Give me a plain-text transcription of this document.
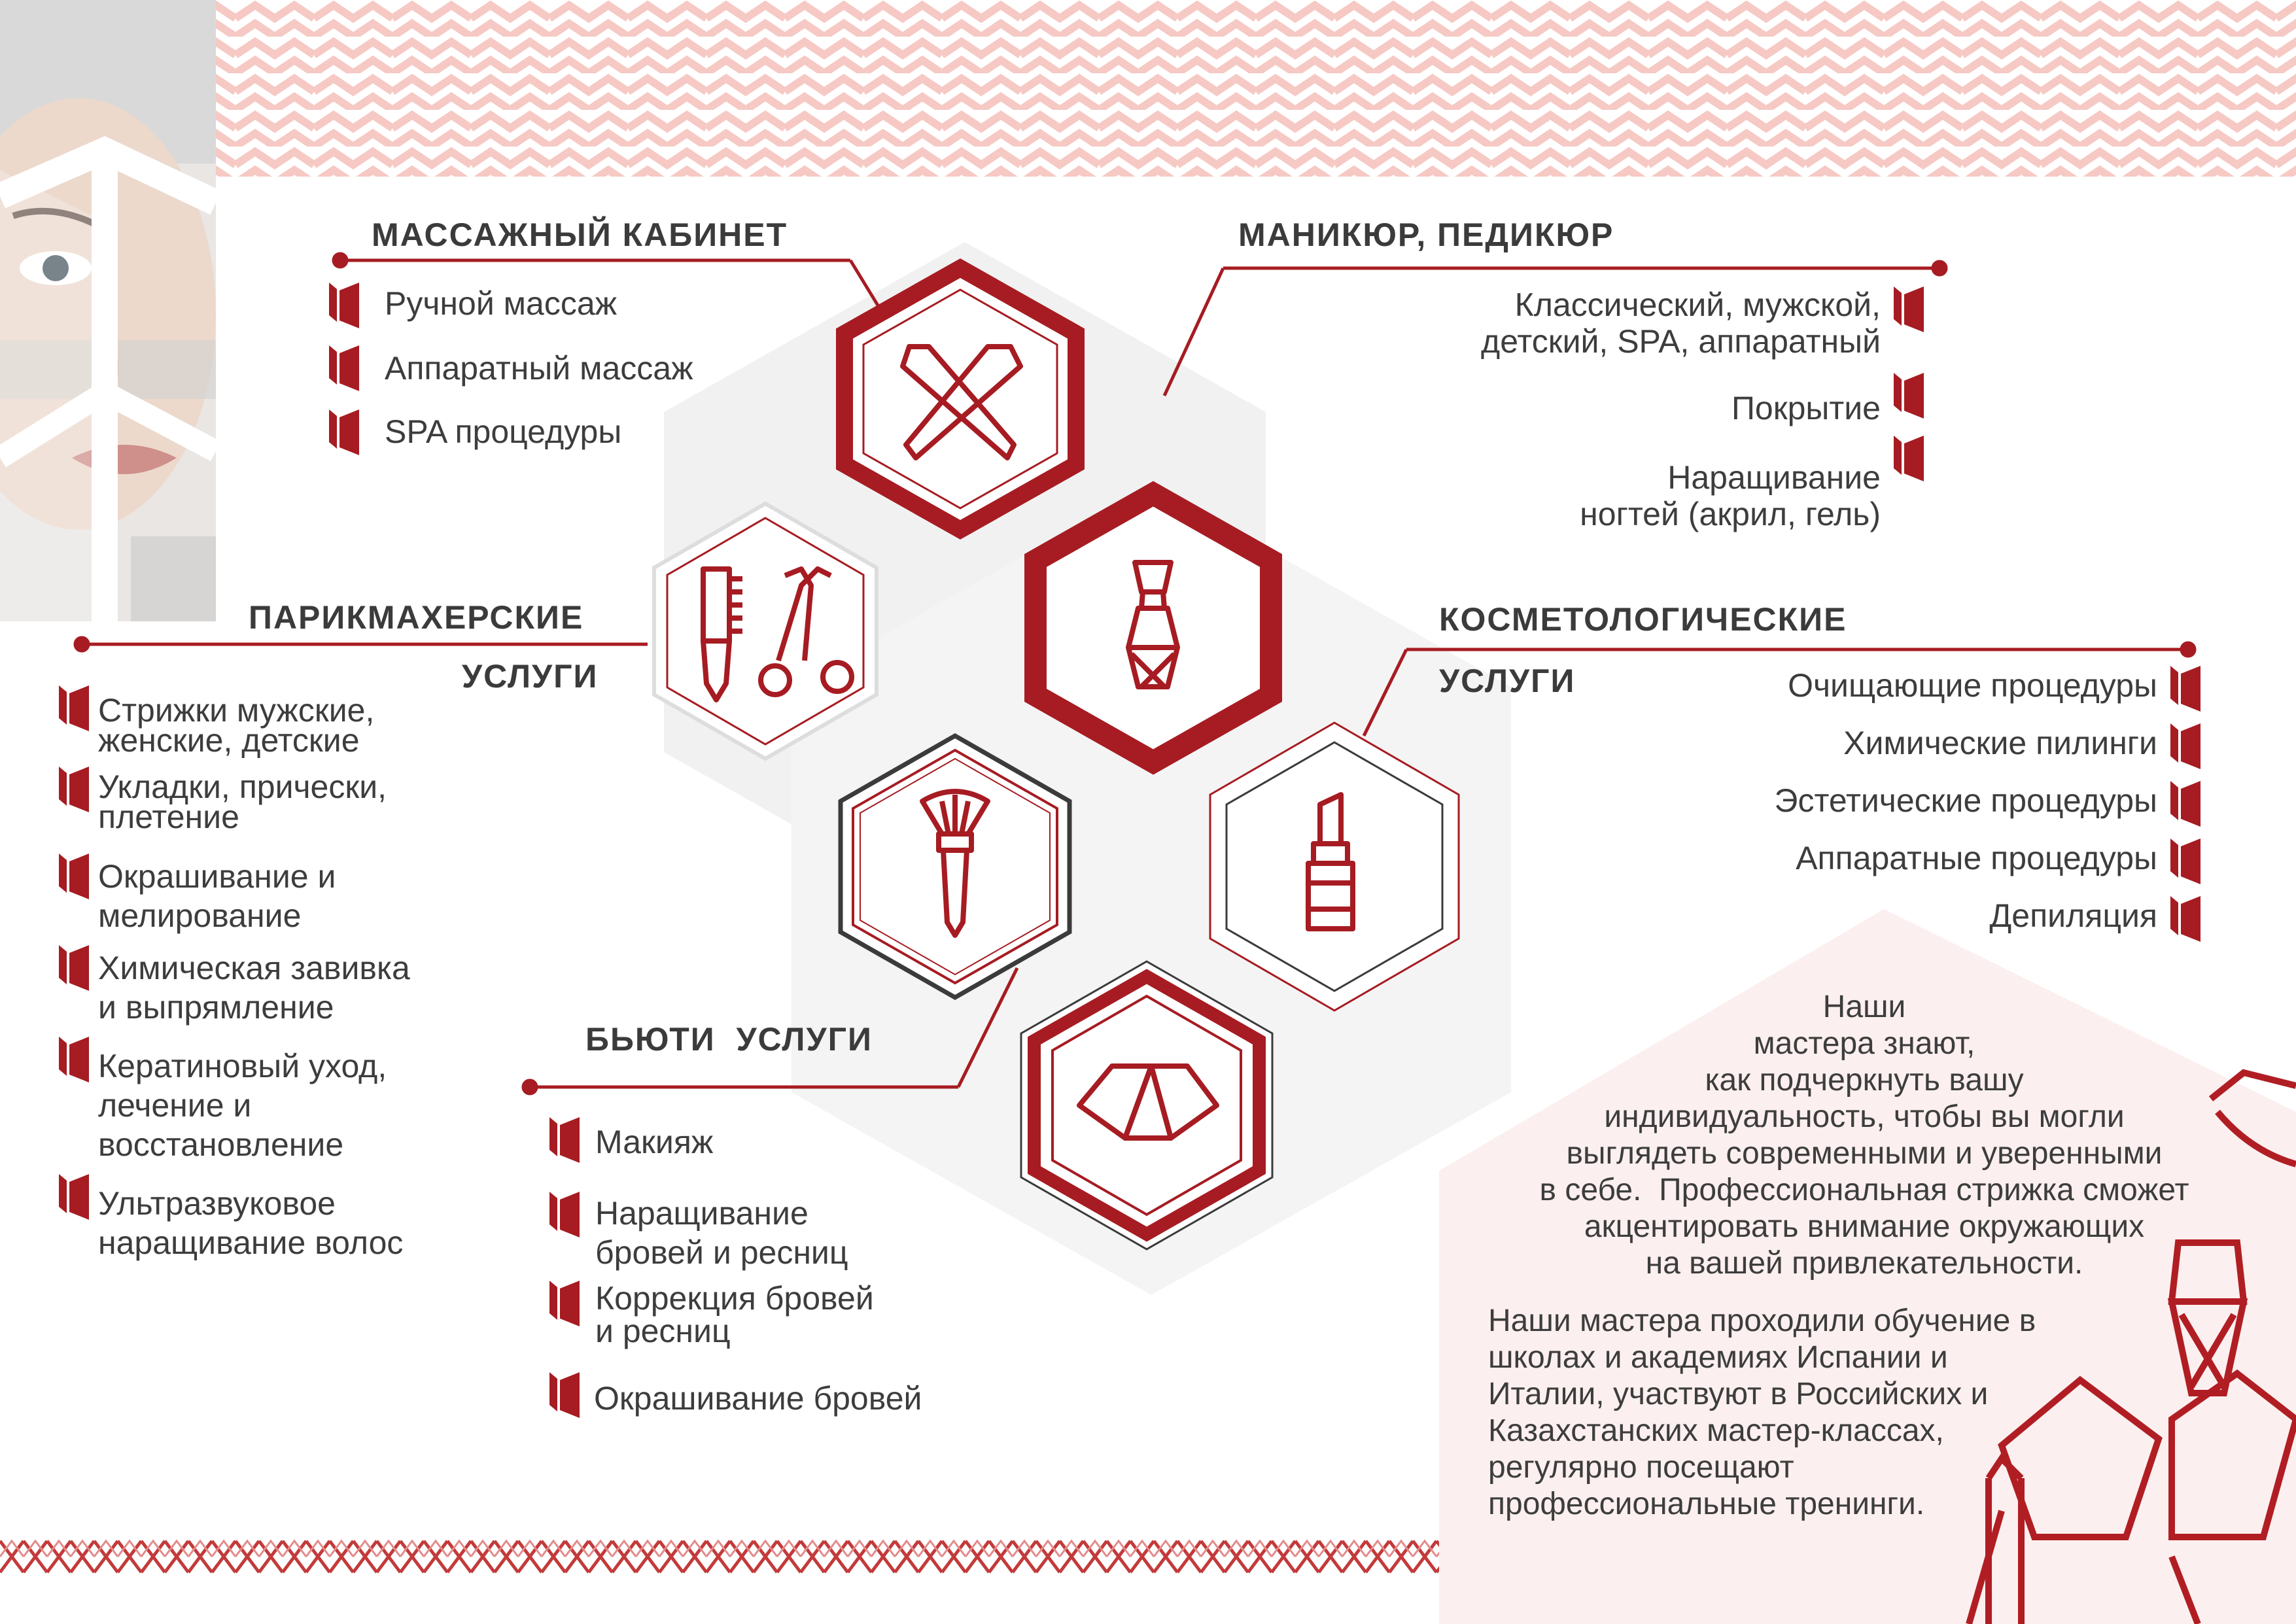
МАССАЖНЫЙ КАБИНЕТ
Ручной массаж
Аппаратный массаж
SPA процедуры
МАНИКЮР, ПЕДИКЮР
Классический, мужской,
детский, SPA, аппаратный
Покрытие
Наращивание
ногтей (акрил, гель)
ПАРИКМАХЕРСКИЕ
УСЛУГИ
Стрижки мужские,
женские, детские
Укладки, прически,
плетение
Окрашивание и
мелирование
Химическая завивка
и выпрямление
Кератиновый уход,
лечение и
восстановление
Ультразвуковое
наращивание волос
КОСМЕТОЛОГИЧЕСКИЕ
УСЛУГИ	Очищающие процедуры
Химические пилинги
Эстетические процедуры
Аппаратные процедуры
Депиляция
БЬЮТИ  УСЛУГИ
Макияж
Наращивание
бровей и ресниц
Коррекция бровей
и ресниц
Окрашивание бровей
Наши
мастера знают,
как подчеркнуть вашу
индивидуальность, чтобы вы могли
выглядеть современными и уверенными
в себе.  Профессиональная стрижка сможет
акцентировать внимание окружающих
на вашей привлекательности.
Наши мастера проходили обучение в
школах и академиях Испании и
Италии, участвуют в Российских и
Казахстанских мастер-классах,
регулярно посещают
профессиональные тренинги.
